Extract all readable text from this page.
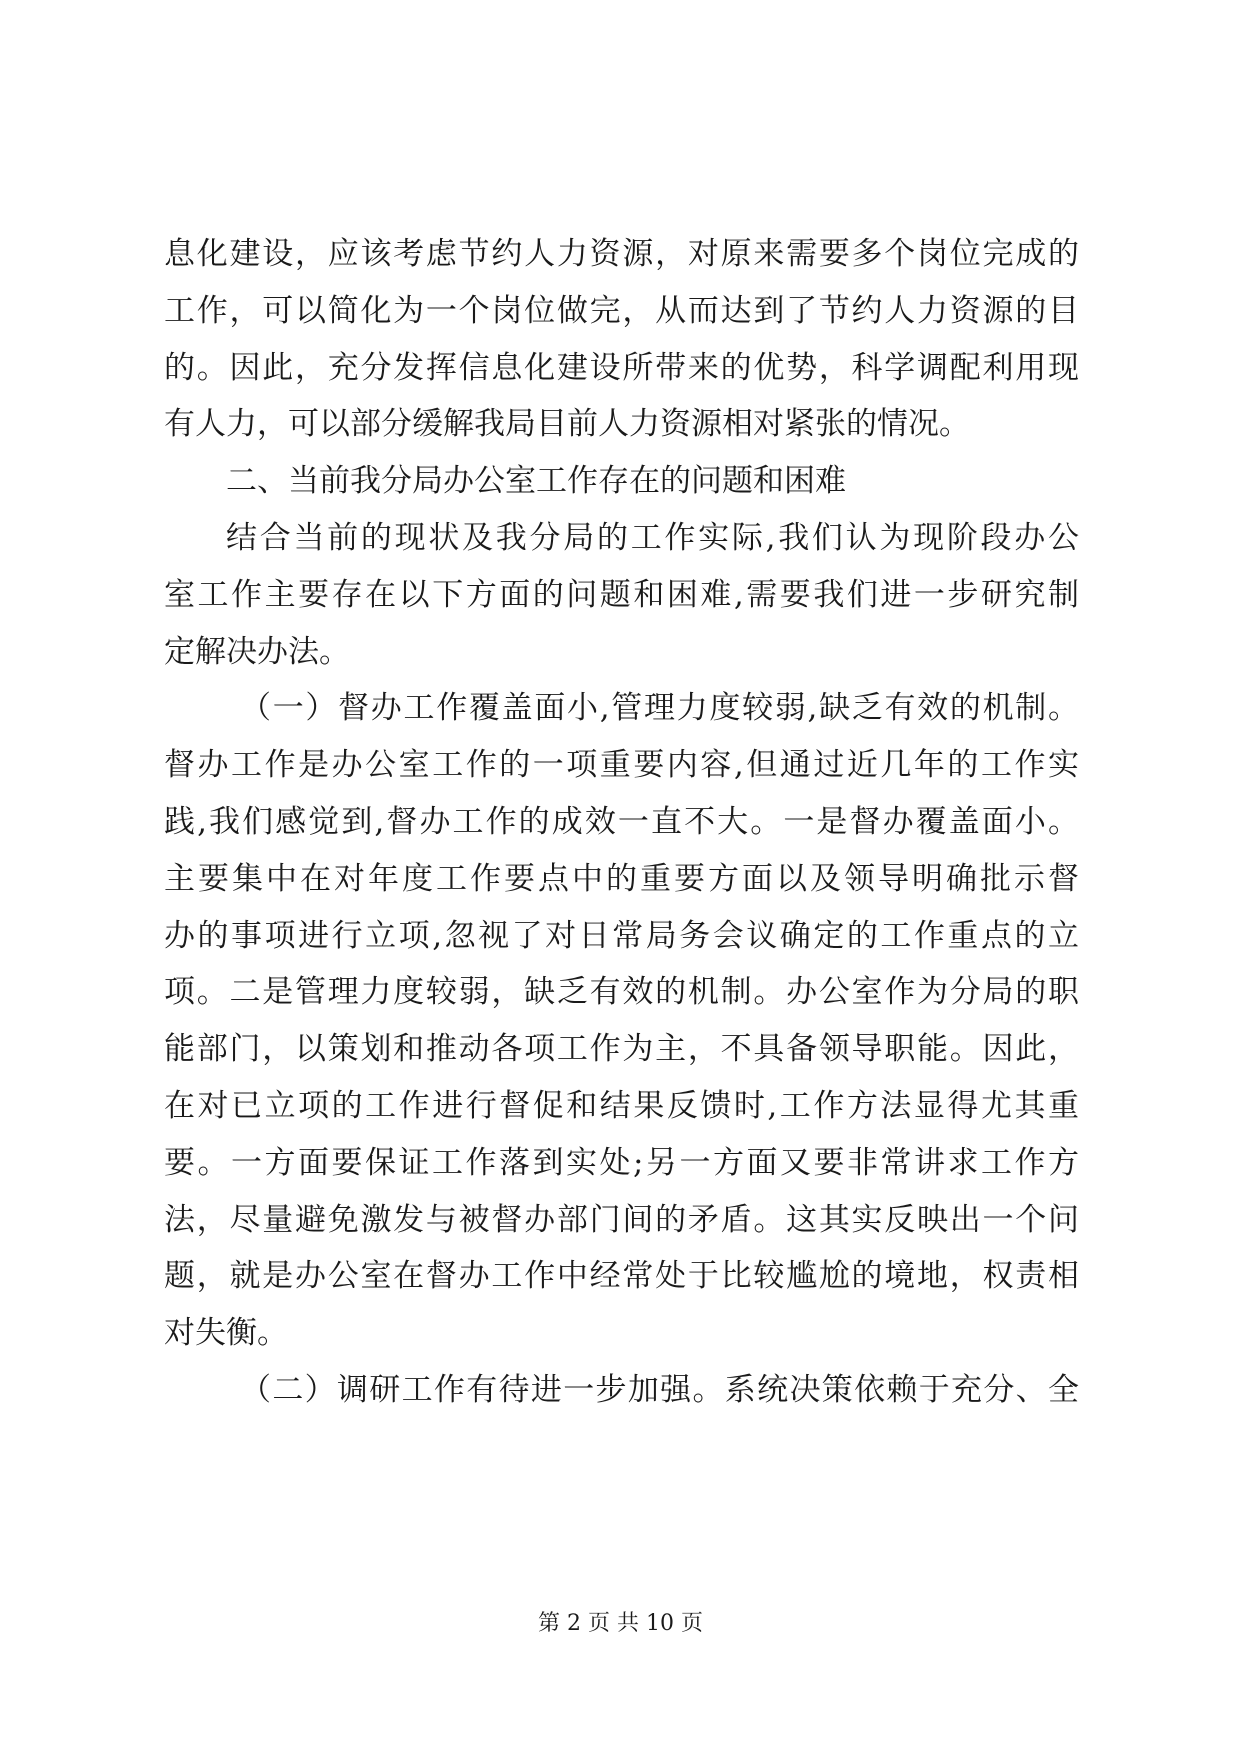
息化建设，应该考虑节约人力资源，对原来需要多个岗位完成的
工作，可以简化为一个岗位做完，从而达到了节约人力资源的目
的。因此，充分发挥信息化建设所带来的优势，科学调配利用现
有人力，可以部分缓解我局目前人力资源相对紧张的情况。
二、当前我分局办公室工作存在的问题和困难
结合当前的现状及我分局的工作实际,我们认为现阶段办公
室工作主要存在以下方面的问题和困难,需要我们进一步研究制
定解决办法。
（一）督办工作覆盖面小,管理力度较弱,缺乏有效的机制。
督办工作是办公室工作的一项重要内容,但通过近几年的工作实
践,我们感觉到,督办工作的成效一直不大。一是督办覆盖面小。
主要集中在对年度工作要点中的重要方面以及领导明确批示督
办的事项进行立项,忽视了对日常局务会议确定的工作重点的立
项。二是管理力度较弱，缺乏有效的机制。办公室作为分局的职
能部门，以策划和推动各项工作为主，不具备领导职能。因此，
在对已立项的工作进行督促和结果反馈时,工作方法显得尤其重
要。一方面要保证工作落到实处;另一方面又要非常讲求工作方
法，尽量避免激发与被督办部门间的矛盾。这其实反映出一个问
题，就是办公室在督办工作中经常处于比较尴尬的境地，权责相
对失衡。
（二）调研工作有待进一步加强。系统决策依赖于充分、全
第 2 页 共 10 页
